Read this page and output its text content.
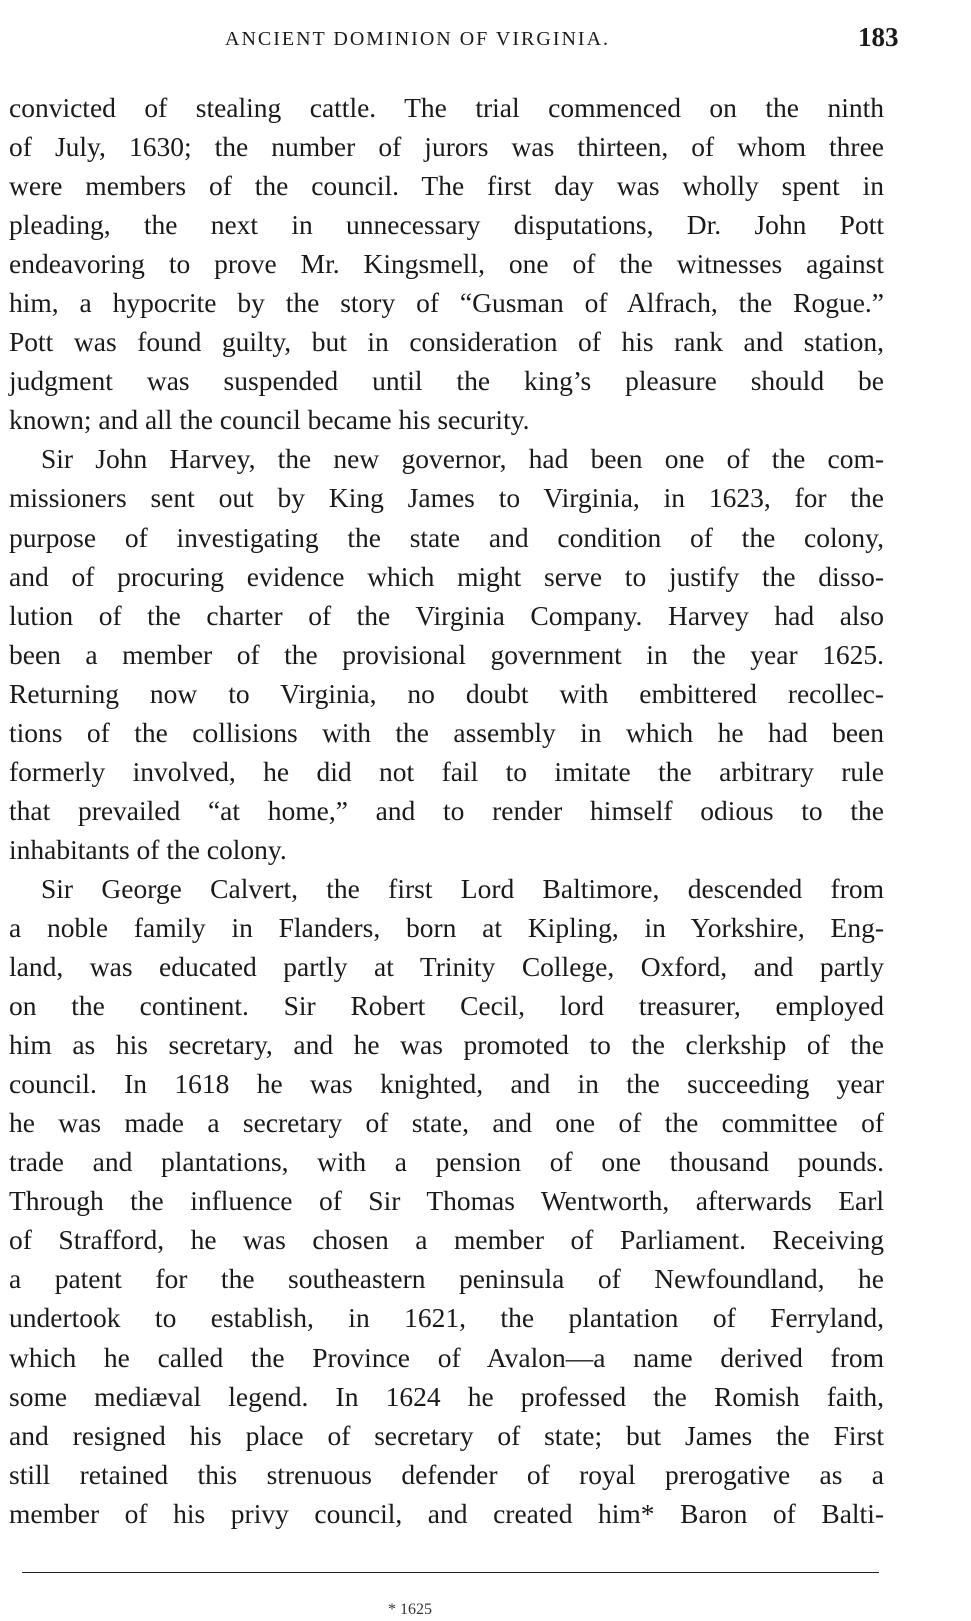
ANCIENT DOMINION OF VIRGINIA.	183
convicted of stealing cattle. The trial commenced on the ninth
of July, 1630; the number of jurors was thirteen, of whom three
were members of the council. The first day was wholly spent in
pleading, the next in unnecessary disputations, Dr. John Pott
endeavoring to prove Mr. Kingsmell, one of the witnesses against
him, a hypocrite by the story of “Gusman of Alfrach, the Rogue.”
Pott was found guilty, but in consideration of his rank and station,
judgment was suspended until the king’s pleasure should be
known; and all the council became his security.
Sir John Harvey, the new governor, had been one of the com-
missioners sent out by King James to Virginia, in 1623, for the
purpose of investigating the state and condition of the colony,
and of procuring evidence which might serve to justify the disso-
lution of the charter of the Virginia Company. Harvey had also
been a member of the provisional government in the year 1625.
Returning now to Virginia, no doubt with embittered recollec-
tions of the collisions with the assembly in which he had been
formerly involved, he did not fail to imitate the arbitrary rule
that prevailed “at home,” and to render himself odious to the
inhabitants of the colony.
Sir George Calvert, the first Lord Baltimore, descended from
a noble family in Flanders, born at Kipling, in Yorkshire, Eng-
land, was educated partly at Trinity College, Oxford, and partly
on the continent. Sir Robert Cecil, lord treasurer, employed
him as his secretary, and he was promoted to the clerkship of the
council. In 1618 he was knighted, and in the succeeding year
he was made a secretary of state, and one of the committee of
trade and plantations, with a pension of one thousand pounds.
Through the influence of Sir Thomas Wentworth, afterwards Earl
of Strafford, he was chosen a member of Parliament. Receiving
a patent for the southeastern peninsula of Newfoundland, he
undertook to establish, in 1621, the plantation of Ferryland,
which he called the Province of Avalon—a name derived from
some mediæval legend. In 1624 he professed the Romish faith,
and resigned his place of secretary of state; but James the First
still retained this strenuous defender of royal prerogative as a
member of his privy council, and created him* Baron of Balti-
* 1625
